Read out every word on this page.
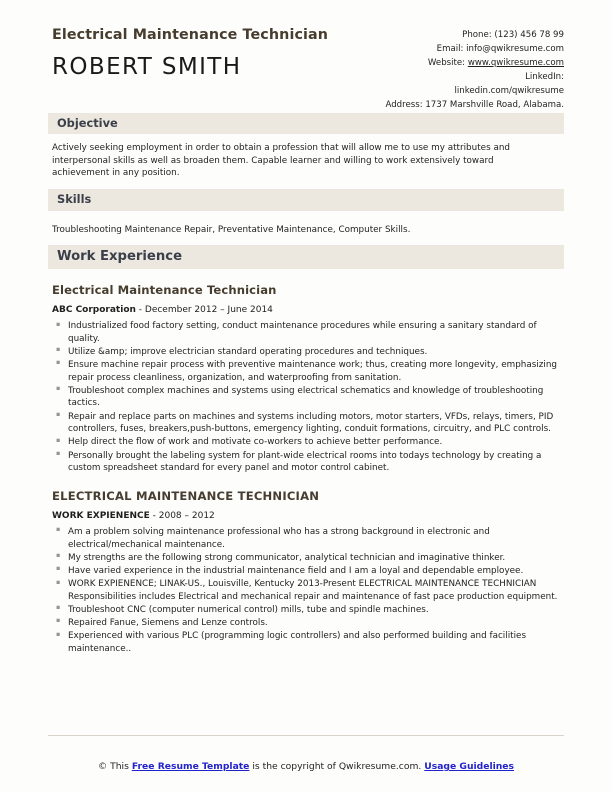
Electrical Maintenance Technician
ROBERT SMITH
Phone: (123) 456 78 99
Email: info@qwikresume.com
Website: www.qwikresume.com
LinkedIn:
linkedin.com/qwikresume
Address: 1737 Marshville Road, Alabama.
Objective
Actively seeking employment in order to obtain a profession that will allow me to use my attributes and interpersonal skills as well as broaden them. Capable learner and willing to work extensively toward achievement in any position.
Skills
Troubleshooting Maintenance Repair, Preventative Maintenance, Computer Skills.
Work Experience
Electrical Maintenance Technician
ABC Corporation - December 2012 – June 2014
▪ Industrialized food factory setting, conduct maintenance procedures while ensuring a sanitary standard of quality.
▪ Utilize &amp; improve electrician standard operating procedures and techniques.
▪ Ensure machine repair process with preventive maintenance work; thus, creating more longevity, emphasizing repair process cleanliness, organization, and waterproofing from sanitation.
▪ Troubleshoot complex machines and systems using electrical schematics and knowledge of troubleshooting tactics.
▪ Repair and replace parts on machines and systems including motors, motor starters, VFDs, relays, timers, PID controllers, fuses, breakers,push-buttons, emergency lighting, conduit formations, circuitry, and PLC controls.
▪ Help direct the flow of work and motivate co-workers to achieve better performance.
▪ Personally brought the labeling system for plant-wide electrical rooms into todays technology by creating a custom spreadsheet standard for every panel and motor control cabinet.
ELECTRICAL MAINTENANCE TECHNICIAN
WORK EXPIENENCE - 2008 – 2012
▪ Am a problem solving maintenance professional who has a strong background in electronic and electrical/mechanical maintenance.
▪ My strengths are the following strong communicator, analytical technician and imaginative thinker.
▪ Have varied experience in the industrial maintenance field and I am a loyal and dependable employee.
▪ WORK EXPIENENCE; LINAK-US., Louisville, Kentucky 2013-Present ELECTRICAL MAINTENANCE TECHNICIAN Responsibilities includes Electrical and mechanical repair and maintenance of fast pace production equipment.
▪ Troubleshoot CNC (computer numerical control) mills, tube and spindle machines.
▪ Repaired Fanue, Siemens and Lenze controls.
▪ Experienced with various PLC (programming logic controllers) and also performed building and facilities maintenance..
© This Free Resume Template is the copyright of Qwikresume.com. Usage Guidelines
